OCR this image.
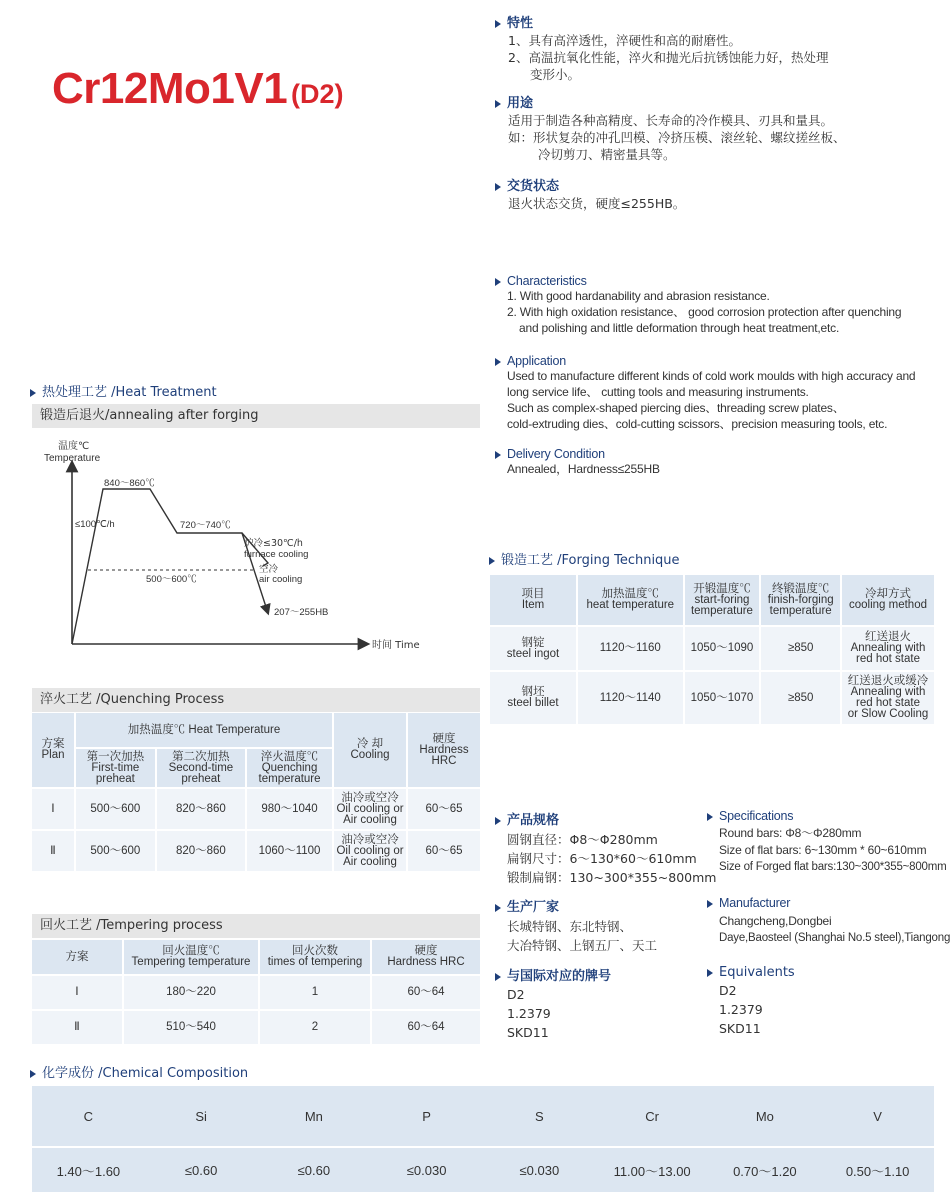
Cr12Mo1V1 (D2)
特性
1、具有高淬透性，淬硬性和高的耐磨性。
2、高温抗氧化性能，淬火和抛光后抗锈蚀能力好，热处理
变形小。
用途
适用于制造各种高精度、长寿命的冷作模具、刃具和量具。
如：形状复杂的冲孔凹模、冷挤压模、滚丝轮、螺纹搓丝板、
冷切剪刀、精密量具等。
交货状态
退火状态交货，硬度≤255HB。
Characteristics
1. With good hardanability and abrasion resistance.
2. With high oxidation resistance、 good corrosion protection after quenching
and polishing and little deformation through heat treatment,etc.
Application
Used to manufacture different kinds of cold work moulds with high accuracy and
long service life、 cutting tools and measuring instruments.
Such as complex-shaped piercing dies、threading screw plates、
cold-extruding dies、cold-cutting scissors、precision measuring tools, etc.
Delivery Condition
Annealed，Hardness≤255HB
热处理工艺 /Heat Treatment
锻造后退火/annealing after forging
温度℃
Temperature
时间 Time
840～860℃
≤100℃/h	720～740℃
炉冷≤30℃/h
furnace cooling
空冷
air cooling
500～600℃
207～255HB
淬火工艺 /Quenching Process
方案
Plan	加热温度℃ Heat Temperature			冷 却
Cooling	硬度
Hardness
HRC

	第一次加热
First-time
preheat	第二次加热
Second-time
preheat	淬火温度℃
Quenching
temperature		

Ⅰ	500～600	820～860	980～1040	油冷或空冷
Oil cooling or
Air cooling	60～65
Ⅱ	500～600	820～860	1060～1100	油冷或空冷
Oil cooling or
Air cooling	60～65
回火工艺 /Tempering process
方案	回火温度℃
Tempering temperature	回火次数
times of tempering	硬度
Hardness HRC

Ⅰ	180～220	1	60～64
Ⅱ	510～540	2	60～64
锻造工艺 /Forging Technique
项目
Item	加热温度℃
heat temperature	开锻温度℃
start-foring
temperature	终锻温度℃
finish-forging
temperature	冷却方式
cooling method

钢锭
steel ingot	1120～1160	1050～1090	≥850	红送退火
Annealing with
red hot state

钢坯
steel billet	1120～1140	1050～1070	≥850	红送退火或缓冷
Annealing with
red hot state
or Slow Cooling
产品规格
圆钢直径：Φ8～Φ280mm
扁钢尺寸：6～130*60～610mm
锻制扁钢：130~300*355~800mm
Specifications
Round bars: Φ8～Φ280mm
Size of flat bars: 6~130mm * 60~610mm
Size of Forged flat bars:130~300*355~800mm
生产厂家
长城特钢、东北特钢、
大冶特钢、上钢五厂、天工
Manufacturer
Changcheng,Dongbei
Daye,Baosteel (Shanghai No.5 steel),Tiangong
与国际对应的牌号
D2
1.2379
SKD11
Equivalents
D2
1.2379
SKD11
化学成份 /Chemical Composition
C	Si	Mn	P	S	Cr	Mo	V
1.40～1.60	≤0.60	≤0.60	≤0.030	≤0.030	11.00～13.00	0.70～1.20	0.50～1.10
